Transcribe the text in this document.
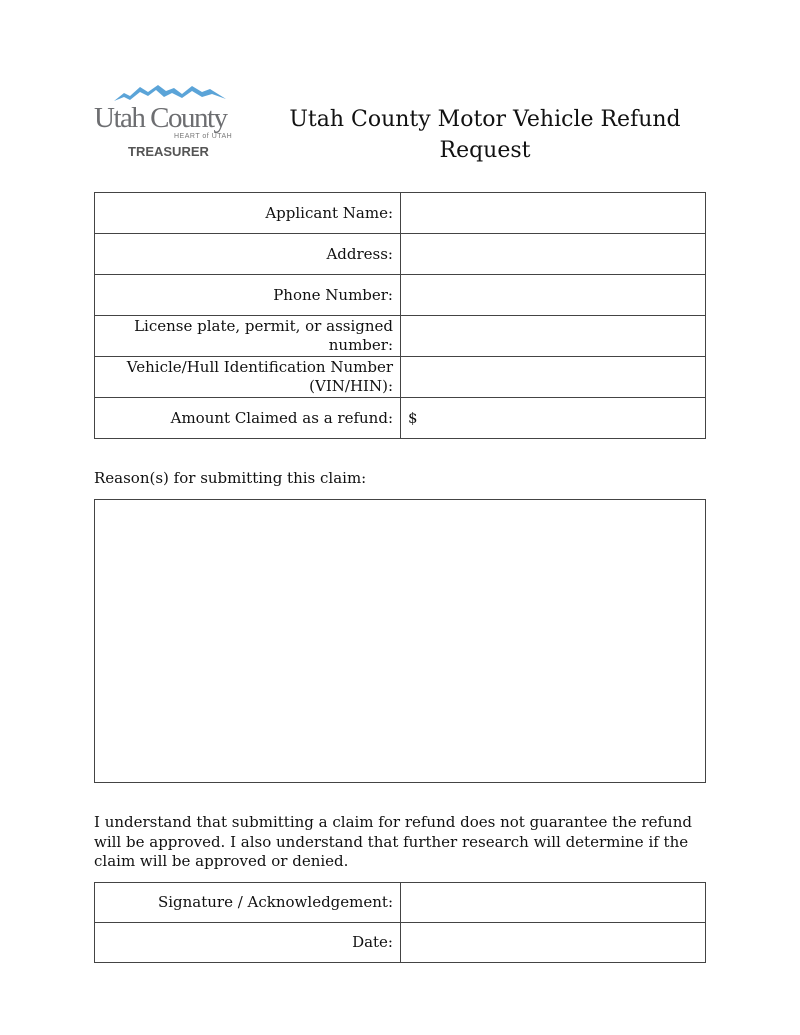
Utah County
HEART of UTAH
TREASURER
Utah County Motor Vehicle Refund Request
Applicant Name:	
Address:	
Phone Number:	
License plate, permit, or assigned number:	
Vehicle/Hull Identification Number (VIN/HIN):	
Amount Claimed as a refund:	$
Reason(s) for submitting this claim:
I understand that submitting a claim for refund does not guarantee the refund will be approved. I also understand that further research will determine if the claim will be approved or denied.
Signature / Acknowledgement:	
Date:	
